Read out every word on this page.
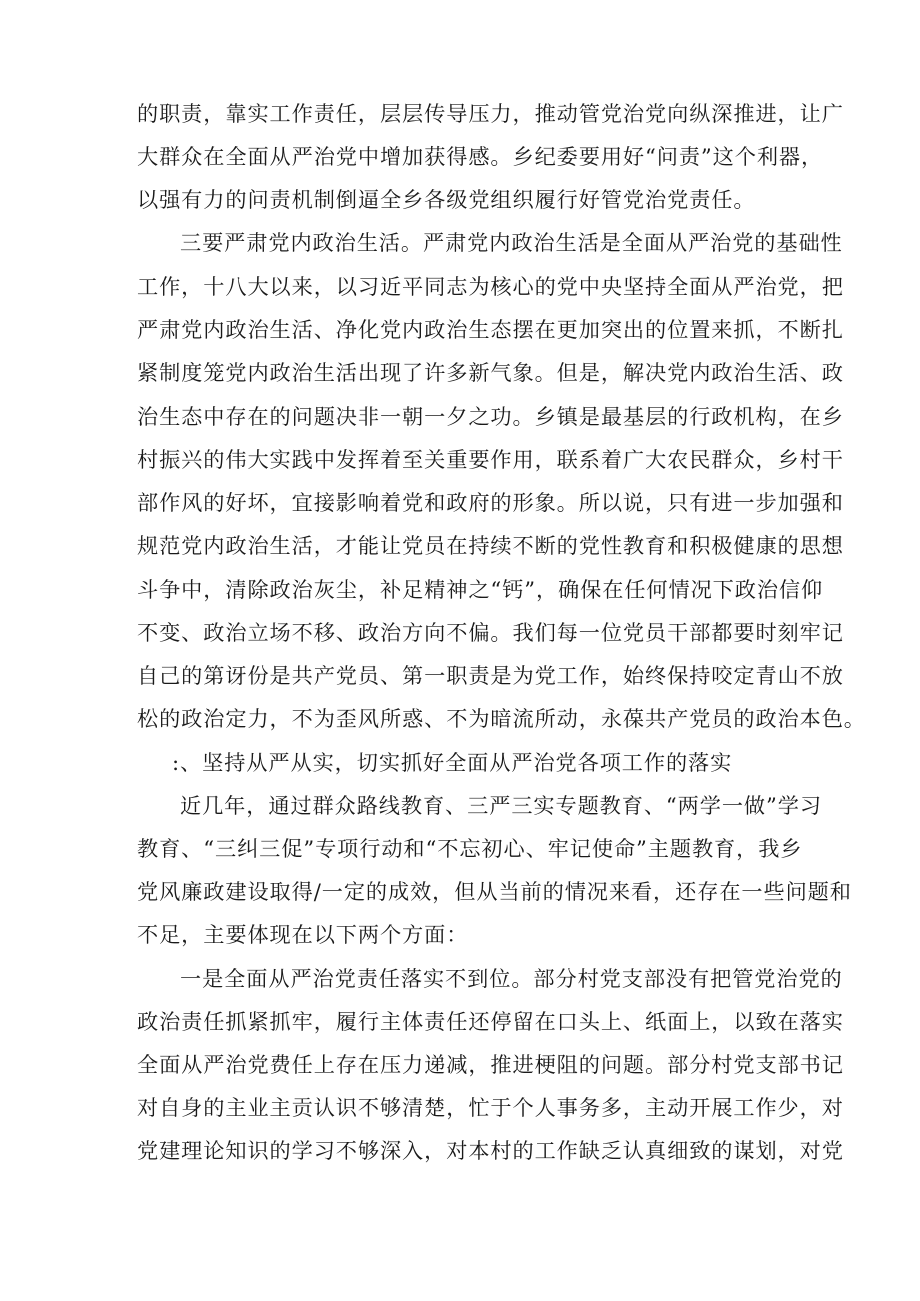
的职责，靠实工作责任，层层传导压力，推动管党治党向纵深推进，让广

大群众在全面从严治党中增加获得感。乡纪委要用好“问责”这个利器，

以强有力的问责机制倒逼全乡各级党组织履行好管党治党责任。

三要严肃党内政治生活。严肃党内政治生活是全面从严治党的基础性

工作，十八大以来，以习近平同志为核心的党中央坚持全面从严治党，把

严肃党内政治生活、净化党内政治生态摆在更加突出的位置来抓，不断扎

紧制度笼党内政治生活出现了许多新气象。但是，解决党内政治生活、政

治生态中存在的问题决非一朝一夕之功。乡镇是最基层的行政机构，在乡

村振兴的伟大实践中发挥着至关重要作用，联系着广大农民群众，乡村干

部作风的好坏，宜接影响着党和政府的形象。所以说，只有进一步加强和

规范党内政治生活，才能让党员在持续不断的党性教育和积极健康的思想

斗争中，清除政治灰尘，补足精神之“钙”，确保在任何情况下政治信仰

不变、政治立场不移、政治方向不偏。我们每一位党员干部都要时刻牢记

自己的第讶份是共产党员、第一职责是为党工作，始终保持咬定青山不放

松的政治定力，不为歪风所惑、不为暗流所动，永葆共产党员的政治本色。

:、坚持从严从实，切实抓好全面从严治党各项工作的落实

近几年，通过群众路线教育、三严三实专题教育、“两学一做”学习

教育、“三纠三促”专项行动和“不忘初心、牢记使命”主题教育，我乡

党风廉政建设取得/一定的成效，但从当前的情况来看，还存在一些问题和

不足，主要体现在以下两个方面：

一是全面从严治党责任落实不到位。部分村党支部没有把管党治党的

政治责任抓紧抓牢，履行主体责任还停留在口头上、纸面上，以致在落实

全面从严治党费任上存在压力递减，推进梗阻的问题。部分村党支部书记

对自身的主业主贡认识不够清楚，忙于个人事务多，主动开展工作少，对

党建理论知识的学习不够深入，对本村的工作缺乏认真细致的谋划，对党
